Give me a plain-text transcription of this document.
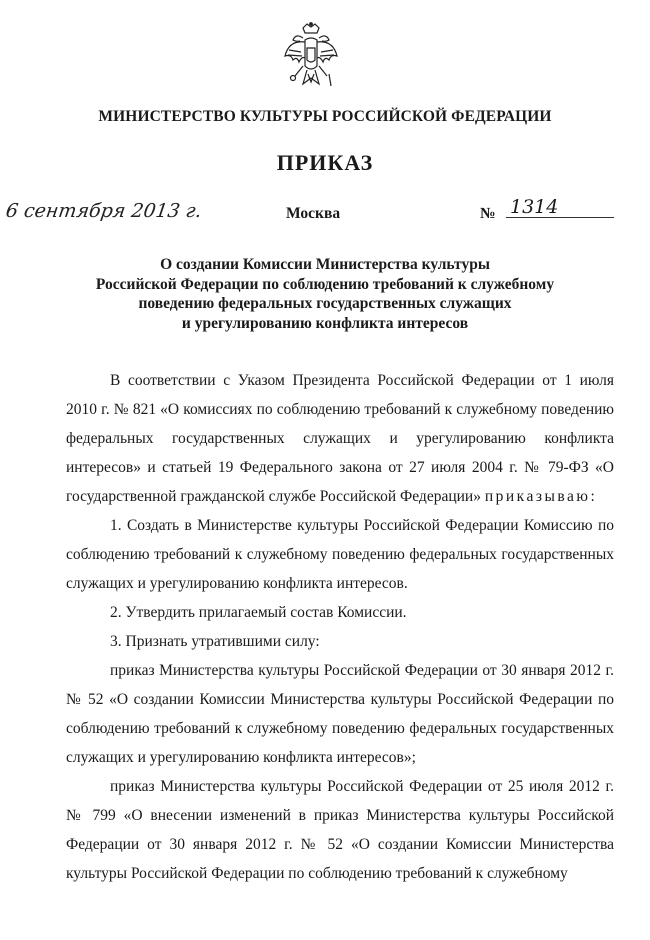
МИНИСТЕРСТВО КУЛЬТУРЫ РОССИЙСКОЙ ФЕДЕРАЦИИ
ПРИКАЗ
6 сентября 2013 г.	Москва	№ 1314
О создании Комиссии Министерства культуры
Российской Федерации по соблюдению требований к служебному
поведению федеральных государственных служащих
и урегулированию конфликта интересов

В соответствии с Указом Президента Российской Федерации от 1 июля 2010 г. № 821 «О комиссиях по соблюдению требований к служебному поведению федеральных государственных служащих и урегулированию конфликта интересов» и статьей 19 Федерального закона от 27 июля 2004 г. № 79-ФЗ «О государственной гражданской службе Российской Федерации» приказываю:

1. Создать в Министерстве культуры Российской Федерации Комиссию по соблюдению требований к служебному поведению федеральных государственных служащих и урегулированию конфликта интересов.

2. Утвердить прилагаемый состав Комиссии.

3. Признать утратившими силу:

приказ Министерства культуры Российской Федерации от 30 января 2012 г. № 52 «О создании Комиссии Министерства культуры Российской Федерации по соблюдению требований к служебному поведению федеральных государственных служащих и урегулированию конфликта интересов»;

приказ Министерства культуры Российской Федерации от 25 июля 2012 г. № 799 «О внесении изменений в приказ Министерства культуры Российской Федерации от 30 января 2012 г. № 52 «О создании Комиссии Министерства культуры Российской Федерации по соблюдению требований к служебному
